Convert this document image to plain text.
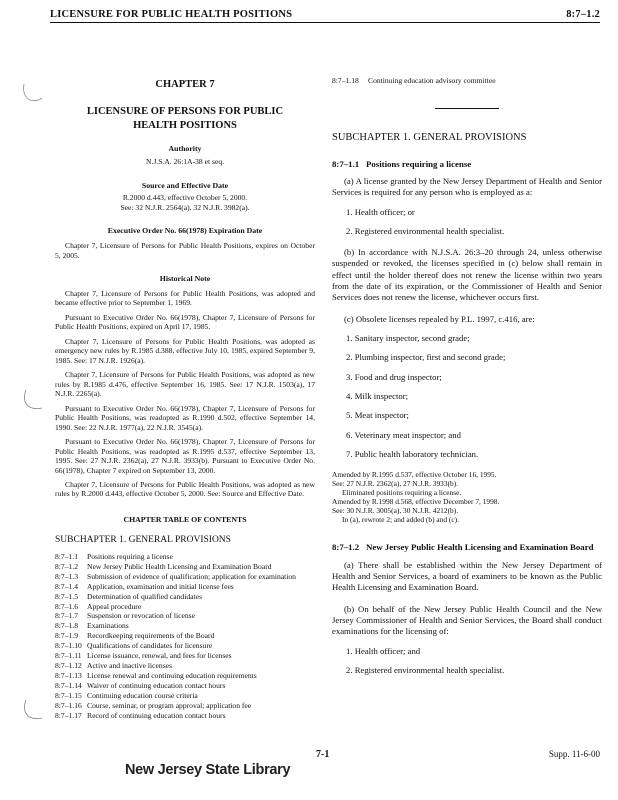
LICENSURE FOR PUBLIC HEALTH POSITIONS	8:7–1.2
CHAPTER 7
LICENSURE OF PERSONS FOR PUBLIC HEALTH POSITIONS
Authority
N.J.S.A. 26:1A-38 et seq.
Source and Effective Date
R.2000 d.443, effective October 5, 2000.
See: 32 N.J.R. 2564(a), 32 N.J.R. 3982(a).
Executive Order No. 66(1978) Expiration Date

Chapter 7, Licensure of Persons for Public Health Positions, expires on October 5, 2005.

Historical Note

Chapter 7, Licensure of Persons for Public Health Positions, was adopted and became effective prior to September 1, 1969.

Pursuant to Executive Order No. 66(1978), Chapter 7, Licensure of Persons for Public Health Positions, expired on April 17, 1985.

Chapter 7, Licensure of Persons for Public Health Positions, was adopted as emergency new rules by R.1985 d.388, effective July 10, 1985, expired September 9, 1985. See: 17 N.J.R. 1926(a).

Chapter 7, Licensure of Persons for Public Health Positions, was adopted as new rules by R.1985 d.476, effective September 16, 1985. See: 17 N.J.R. 1503(a), 17 N.J.R. 2265(a).

Pursuant to Executive Order No. 66(1978), Chapter 7, Licensure of Persons for Public Health Positions, was readopted as R.1990 d.502, effective September 14, 1990. See: 22 N.J.R. 1977(a), 22 N.J.R. 3545(a).

Pursuant to Executive Order No. 66(1978), Chapter 7, Licensure of Persons for Public Health Positions, was readopted as R.1995 d.537, effective September 13, 1995. See: 27 N.J.R. 2362(a), 27 N.J.R. 3933(b). Pursuant to Executive Order No. 66(1978), Chapter 7 expired on September 13, 2000.

Chapter 7, Licensure of Persons for Public Health Positions, was adopted as new rules by R.2000 d.443, effective October 5, 2000. See: Source and Effective Date.

CHAPTER TABLE OF CONTENTS
SUBCHAPTER 1. GENERAL PROVISIONS
8:7–1.1	Positions requiring a license
8:7–1.2	New Jersey Public Health Licensing and Examination Board
8:7–1.3	Submission of evidence of qualification; application for examination
8:7–1.4	Application, examination and initial license fees
8:7–1.5	Determination of qualified candidates
8:7–1.6	Appeal procedure
8:7–1.7	Suspension or revocation of license
8:7–1.8	Examinations
8:7–1.9	Recordkeeping requirements of the Board
8:7–1.10 Qualifications of candidates for licensure
8:7–1.11 License issuance, renewal, and fees for licenses
8:7–1.12 Active and inactive licenses
8:7–1.13 License renewal and continuing education requirements
8:7–1.14 Waiver of continuing education contact hours
8:7–1.15 Continuing education course criteria
8:7–1.16 Course, seminar, or program approval; application fee
8:7–1.17 Record of continuing education contact hours
8:7–1.18	Continuing education advisory committee
SUBCHAPTER 1. GENERAL PROVISIONS
8:7–1.1 Positions requiring a license

(a) A license granted by the New Jersey Department of Health and Senior Services is required for any person who is employed as a:

1. Health officer; or
2. Registered environmental health specialist.

(b) In accordance with N.J.S.A. 26:3–20 through 24, unless otherwise suspended or revoked, the licenses specified in (c) below shall remain in effect until the holder thereof does not renew the license within two years from the date of its expiration, or the Commissioner of Health and Senior Services does not renew the license, whichever occurs first.

(c) Obsolete licenses repealed by P.L. 1997, c.416, are:

1. Sanitary inspector, second grade;
2. Plumbing inspector, first and second grade;
3. Food and drug inspector;
4. Milk inspector;
5. Meat inspector;
6. Veterinary meat inspector; and
7. Public health laboratory technician.
Amended by R.1995 d.537, effective October 16, 1995.
See: 27 N.J.R. 2362(a), 27 N.J.R. 3933(b).
Eliminated positions requiring a license.
Amended by R.1998 d.568, effective December 7, 1998.
See: 30 N.J.R. 3005(a), 30 N.J.R. 4212(b).
In (a), rewrote 2; and added (b) and (c).
8:7–1.2 New Jersey Public Health Licensing and Examination Board

(a) There shall be established within the New Jersey Department of Health and Senior Services, a board of examiners to be known as the Public Health Licensing and Examination Board.

(b) On behalf of the New Jersey Public Health Council and the New Jersey Commissioner of Health and Senior Services, the Board shall conduct examinations for the licensing of:

1. Health officer; and
2. Registered environmental health specialist.
7-1	Supp. 11-6-00
New Jersey State Library
